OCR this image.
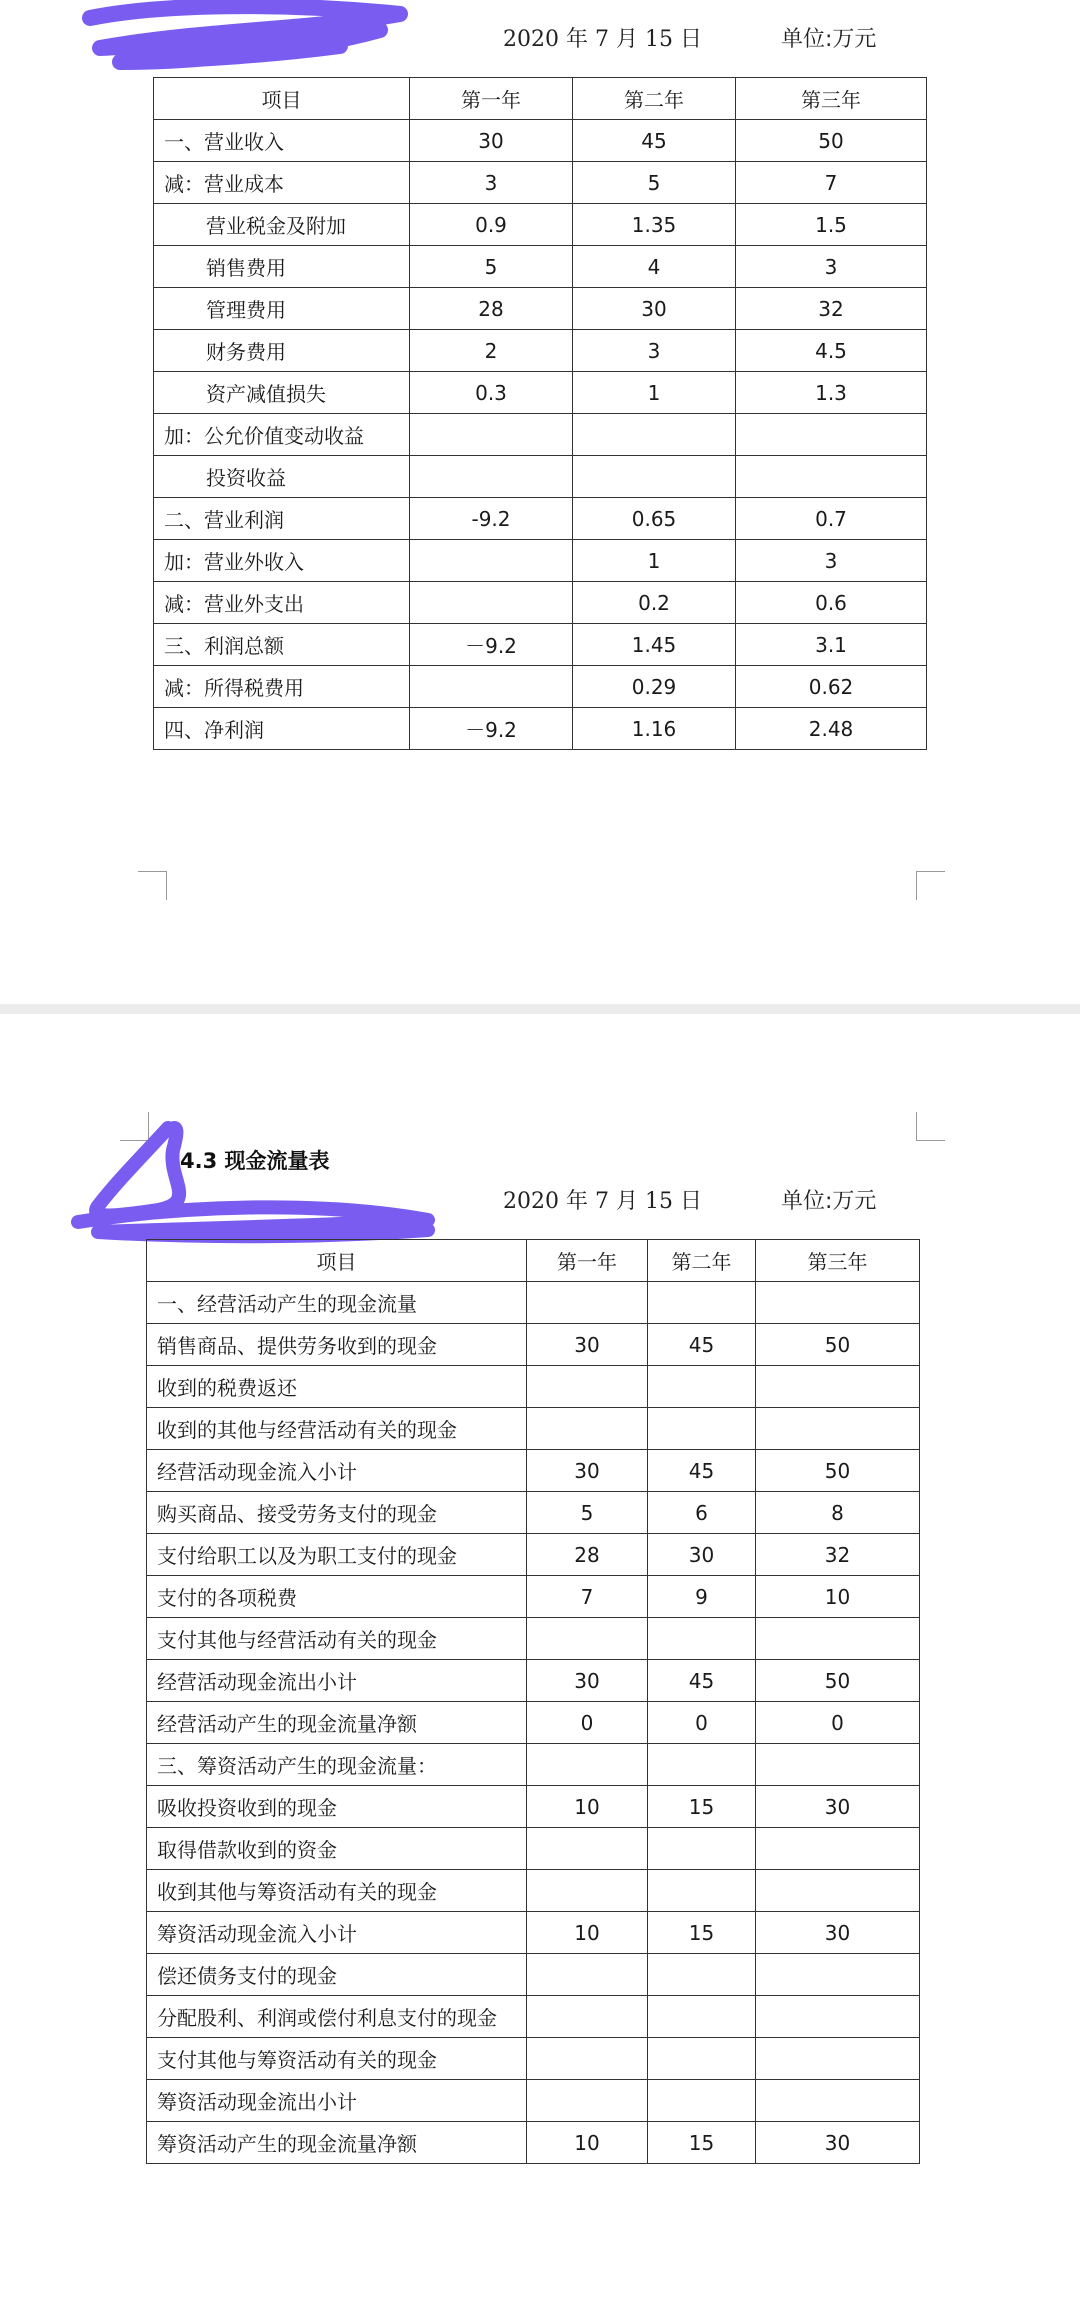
2020 年 7 月 15 日	单位:万元
项目	第一年	第二年	第三年
一、营业收入	30	45	50
减：营业成本	3	5	7
营业税金及附加	0.9	1.35	1.5
销售费用	5	4	3
管理费用	28	30	32
财务费用	2	3	4.5
资产减值损失	0.3	1	1.3
加：公允价值变动收益			
投资收益			
二、营业利润	-9.2	0.65	0.7
加：营业外收入		1	3
减：营业外支出		0.2	0.6
三、利润总额	－9.2	1.45	3.1
减：所得税费用		0.29	0.62
四、净利润	－9.2	1.16	2.48
.4.3 现金流量表
2020 年 7 月 15 日	单位:万元
项目	第一年	第二年	第三年
一、经营活动产生的现金流量			
销售商品、提供劳务收到的现金	30	45	50
收到的税费返还			
收到的其他与经营活动有关的现金			
经营活动现金流入小计	30	45	50
购买商品、接受劳务支付的现金	5	6	8
支付给职工以及为职工支付的现金	28	30	32
支付的各项税费	7	9	10
支付其他与经营活动有关的现金			
经营活动现金流出小计	30	45	50
经营活动产生的现金流量净额	0	0	0
三、筹资活动产生的现金流量：			
吸收投资收到的现金	10	15	30
取得借款收到的资金			
收到其他与筹资活动有关的现金			
筹资活动现金流入小计	10	15	30
偿还债务支付的现金			
分配股利、利润或偿付利息支付的现金			
支付其他与筹资活动有关的现金			
筹资活动现金流出小计			
筹资活动产生的现金流量净额	10	15	30
